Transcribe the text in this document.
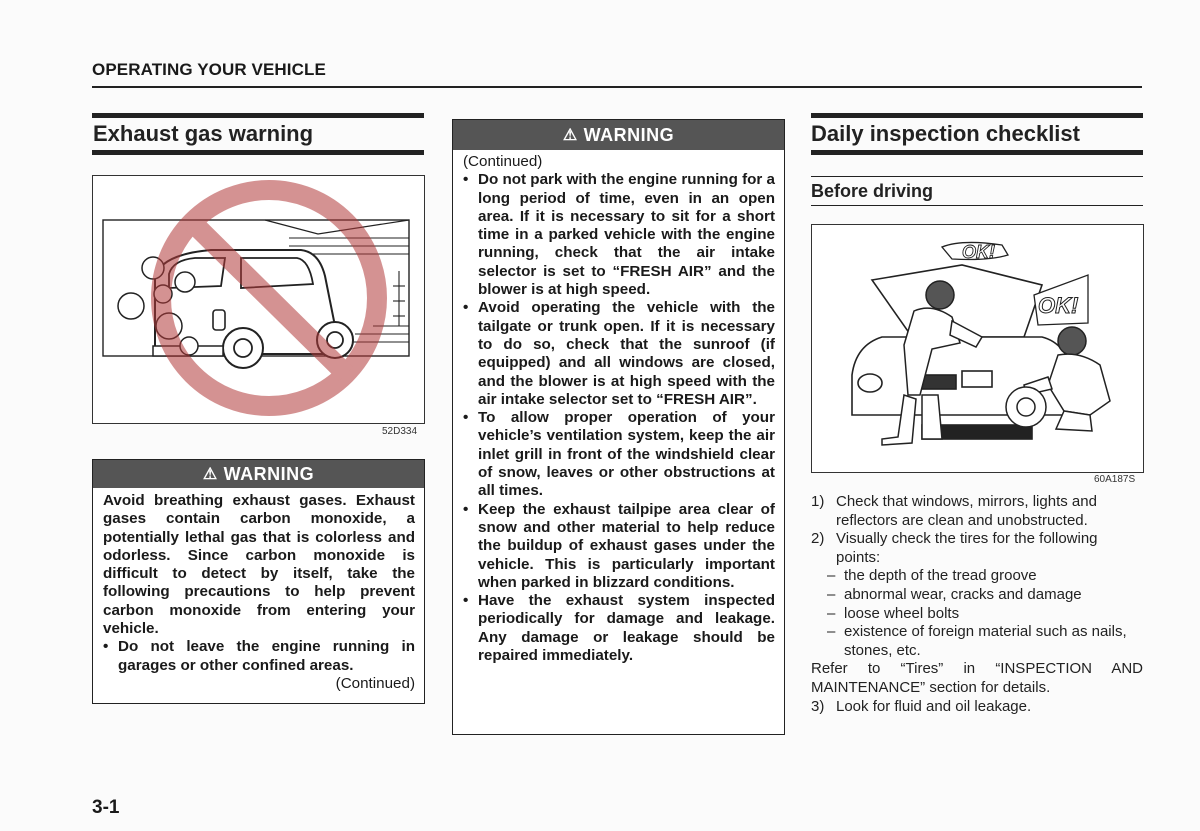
OPERATING YOUR VEHICLE
Exhaust gas warning
52D334
⚠ WARNING

Avoid breathing exhaust gases. Exhaust gases contain carbon monoxide, a potentially lethal gas that is colorless and odorless. Since carbon monoxide is difficult to detect by itself, take the following precautions to help prevent carbon monoxide from entering your vehicle.

• Do not leave the engine running in garages or other confined areas.
(Continued)
⚠ WARNING
(Continued)
• Do not park with the engine running for a long period of time, even in an open area. If it is necessary to sit for a short time in a parked vehicle with the engine running, check that the air intake selector is set to “FRESH AIR” and the blower is at high speed.
• Avoid operating the vehicle with the tailgate or trunk open. If it is necessary to do so, check that the sunroof (if equipped) and all windows are closed, and the blower is at high speed with the air intake selector set to “FRESH AIR”.
• To allow proper operation of your vehicle’s ventilation system, keep the air inlet grill in front of the windshield clear of snow, leaves or other obstructions at all times.
• Keep the exhaust tailpipe area clear of snow and other material to help reduce the buildup of exhaust gases under the vehicle. This is particularly important when parked in blizzard conditions.
• Have the exhaust system inspected periodically for damage and leakage. Any damage or leakage should be repaired immediately.
Daily inspection checklist
Before driving
OK!
OK!
60A187S
1) Check that windows, mirrors, lights and reflectors are clean and unobstructed.
2) Visually check the tires for the following points:
– the depth of the tread groove
– abnormal wear, cracks and damage
– loose wheel bolts
– existence of foreign material such as nails, stones, etc.

Refer to “Tires” in “INSPECTION AND MAINTENANCE” section for details.

3) Look for fluid and oil leakage.
3-1
